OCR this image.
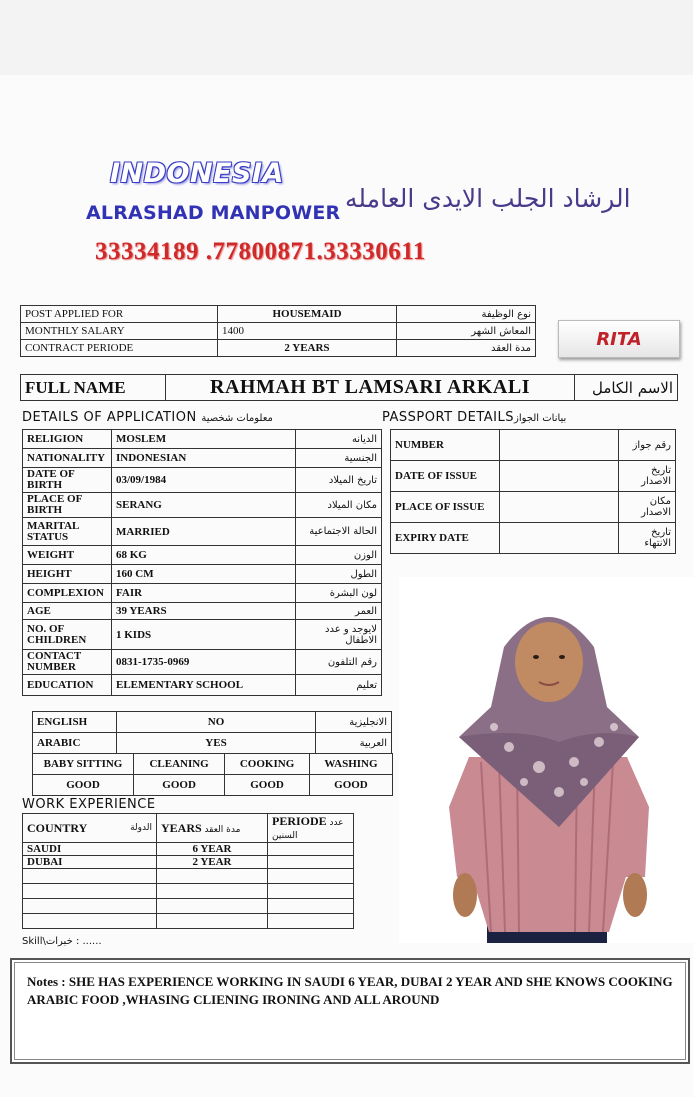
INDONESIA
ALRASHAD MANPOWER الرشاد الجلب الايدى العامله
33334189 .77800871.33330611
POST APPLIED FOR	HOUSEMAID	نوع الوظيفة
MONTHLY SALARY	1400	المعاش الشهر
CONTRACT PERIODE	2 YEARS	مدة العقد	RITA
FULL NAME	RAHMAH BT LAMSARI ARKALI	الاسم الكامل
DETAILS OF APPLICATION معلومات شخصية	PASSPORT DETAILSبيانات الجواز
RELIGION	MOSLEM	الديانه
NATIONALITY	INDONESIAN	الجنسية
DATE OF BIRTH	03/09/1984	تاريخ الميلاد
PLACE OF BIRTH	SERANG	مكان الميلاد
MARITAL STATUS	MARRIED	الحالة الاجتماعية
WEIGHT	68 KG	الوزن
HEIGHT	160 CM	الطول
COMPLEXION	FAIR	لون البشرة
AGE	39 YEARS	العمر
NO. OF CHILDREN	1 KIDS	لايوجد و عدد الاطفال
CONTACT NUMBER	0831-1735-0969	رقم التلفون
EDUCATION	ELEMENTARY SCHOOL	تعليم
NUMBER		رقم جواز
DATE OF ISSUE		تاريخ الاصدار
PLACE OF ISSUE		مكان الاصدار
EXPIRY DATE		تاريخ الانتهاء
ENGLISH	NO	الانجليزية
ARABIC	YES	العربية
BABY SITTING	CLEANING	COOKING	WASHING
GOOD	GOOD	GOOD	GOOD
WORK EXPERIENCE
COUNTRY الدولة	YEARS مدة العقد	PERIODE عدد السنين
SAUDI	6 YEAR	
DUBAI	2 YEAR	

Skill\خبرات : ......
Notes : SHE HAS EXPERIENCE WORKING IN SAUDI 6 YEAR, DUBAI 2 YEAR AND SHE KNOWS COOKING ARABIC FOOD ,WHASING CLIENING IRONING AND ALL AROUND
